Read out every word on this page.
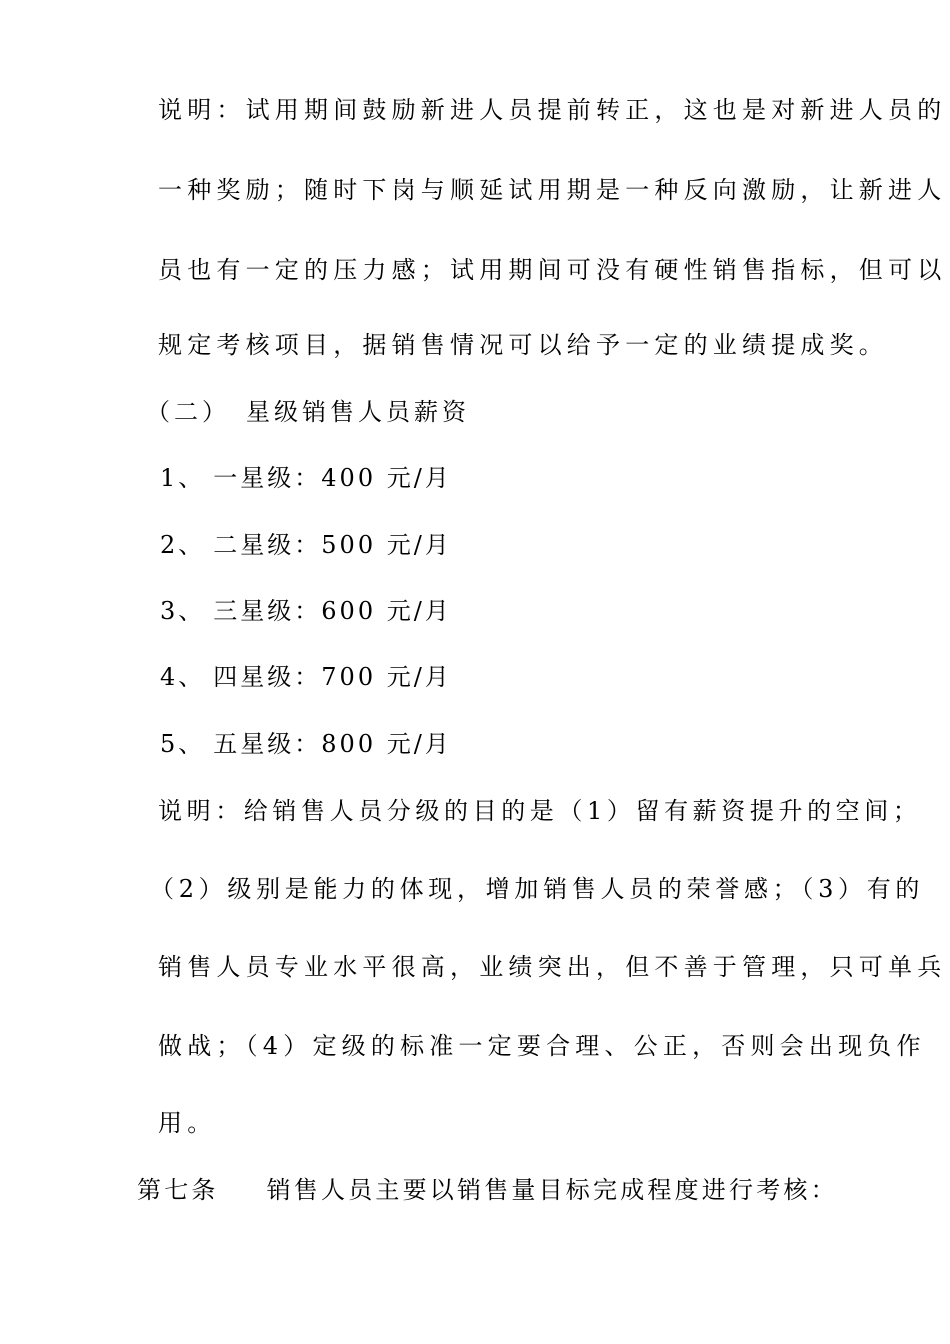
说明：试用期间鼓励新进人员提前转正，这也是对新进人员的
一种奖励；随时下岗与顺延试用期是一种反向激励，让新进人
员也有一定的压力感；试用期间可没有硬性销售指标，但可以
规定考核项目，据销售情况可以给予一定的业绩提成奖。
（二） 星级销售人员薪资
1、 一星级：400 元/月
2、 二星级：500 元/月
3、 三星级：600 元/月
4、 四星级：700 元/月
5、 五星级：800 元/月
说明：给销售人员分级的目的是（1）留有薪资提升的空间；
（2）级别是能力的体现，增加销售人员的荣誉感；（3）有的
销售人员专业水平很高，业绩突出，但不善于管理，只可单兵
做战；（4）定级的标准一定要合理、公正，否则会出现负作
用。
第七条 销售人员主要以销售量目标完成程度进行考核：
